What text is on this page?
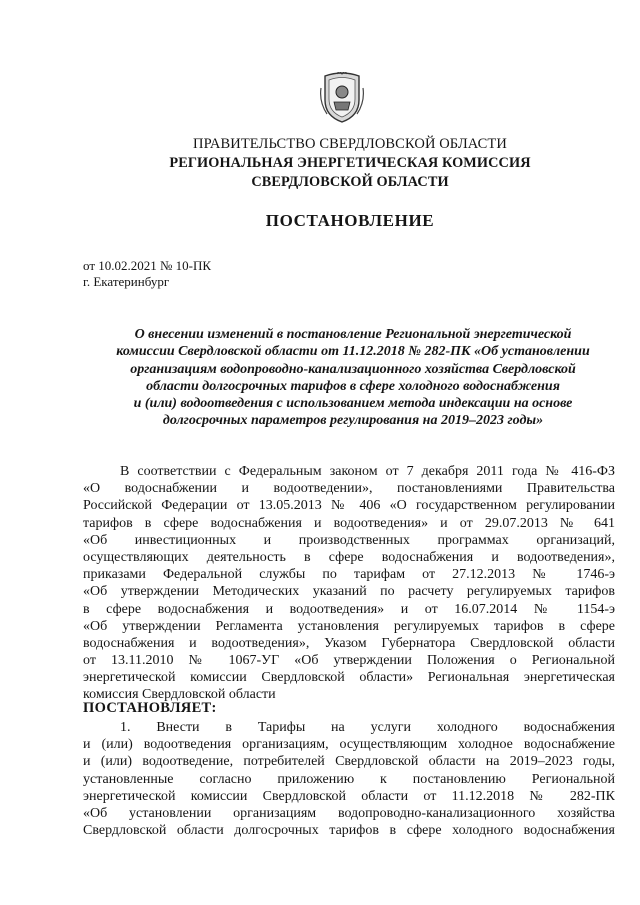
ПРАВИТЕЛЬСТВО СВЕРДЛОВСКОЙ ОБЛАСТИ
РЕГИОНАЛЬНАЯ ЭНЕРГЕТИЧЕСКАЯ КОМИССИЯ
СВЕРДЛОВСКОЙ ОБЛАСТИ
ПОСТАНОВЛЕНИЕ
от 10.02.2021 № 10-ПК
г. Екатеринбург
О внесении изменений в постановление Региональной энергетической
комиссии Свердловской области от 11.12.2018 № 282-ПК «Об установлении
организациям водопроводно-канализационного хозяйства Свердловской
области долгосрочных тарифов в сфере холодного водоснабжения
и (или) водоотведения с использованием метода индексации на основе
долгосрочных параметров регулирования на 2019–2023 годы»
В соответствии с Федеральным законом от 7 декабря 2011 года № 416-ФЗ
«О водоснабжении и водоотведении», постановлениями Правительства
Российской Федерации от 13.05.2013 № 406 «О государственном регулировании
тарифов в сфере водоснабжения и водоотведения» и от 29.07.2013 № 641
«Об инвестиционных и производственных программах организаций,
осуществляющих деятельность в сфере водоснабжения и водоотведения»,
приказами Федеральной службы по тарифам от 27.12.2013 № 1746-э
«Об утверждении Методических указаний по расчету регулируемых тарифов
в сфере водоснабжения и водоотведения» и от 16.07.2014 № 1154-э
«Об утверждении Регламента установления регулируемых тарифов в сфере
водоснабжения и водоотведения», Указом Губернатора Свердловской области
от 13.11.2010 № 1067-УГ «Об утверждении Положения о Региональной
энергетической комиссии Свердловской области» Региональная энергетическая
комиссия Свердловской области
ПОСТАНОВЛЯЕТ:
1. Внести в Тарифы на услуги холодного водоснабжения
и (или) водоотведения организациям, осуществляющим холодное водоснабжение
и (или) водоотведение, потребителей Свердловской области на 2019–2023 годы,
установленные согласно приложению к постановлению Региональной
энергетической комиссии Свердловской области от 11.12.2018 № 282-ПК
«Об установлении организациям водопроводно-канализационного хозяйства
Свердловской области долгосрочных тарифов в сфере холодного водоснабжения
